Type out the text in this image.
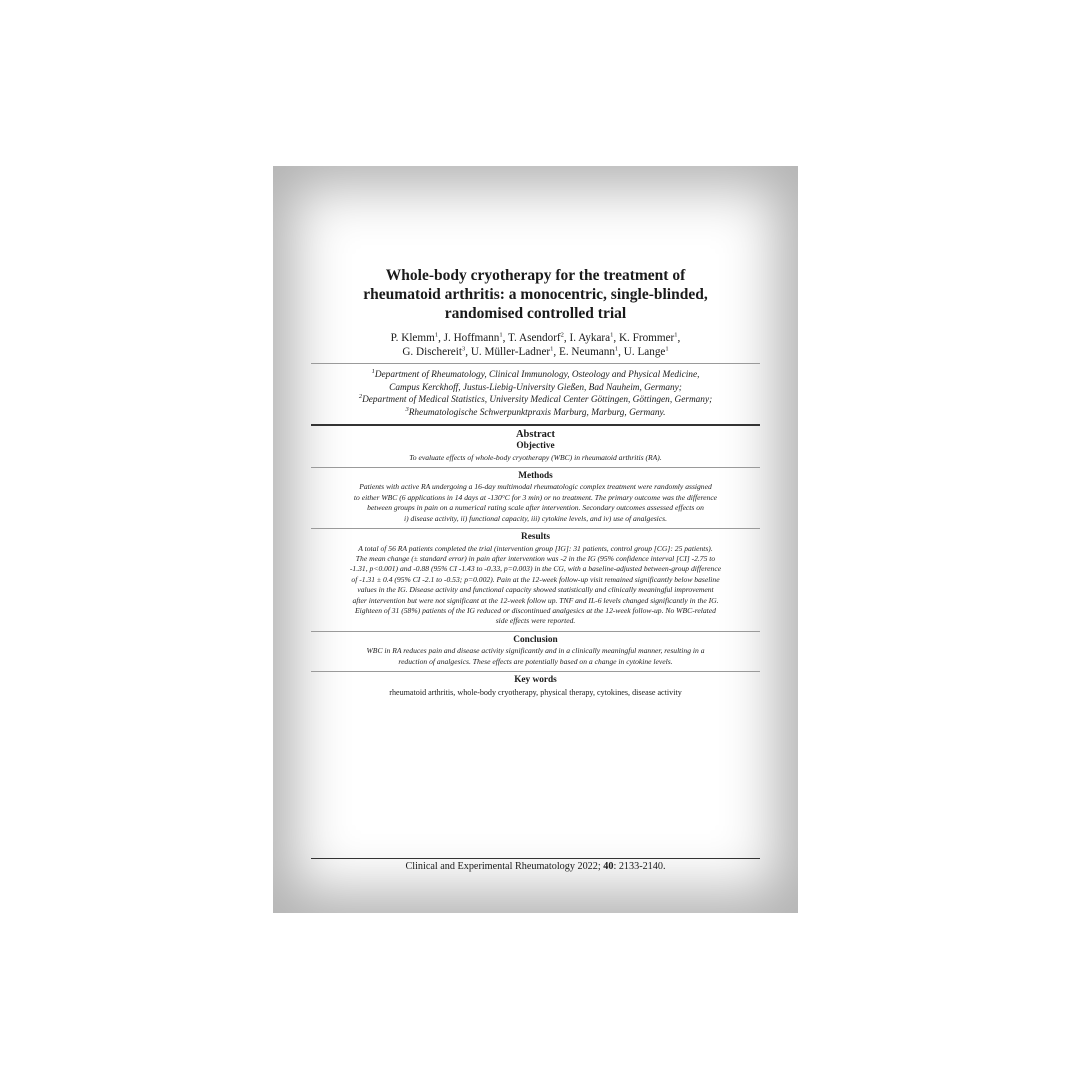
Whole-body cryotherapy for the treatment of
rheumatoid arthritis: a monocentric, single-blinded,
randomised controlled trial
P. Klemm$^1$, J. Hoffmann$^1$, T. Asendorf$^2$, I. Aykara$^1$, K. Frommer$^1$,
G. Dischereit$^3$, U. Müller-Ladner$^1$, E. Neumann$^1$, U. Lange$^1$
$^1$Department of Rheumatology, Clinical Immunology, Osteology and Physical Medicine,
Campus Kerckhoff, Justus-Liebig-University Gießen, Bad Nauheim, Germany;
$^2$Department of Medical Statistics, University Medical Center Göttingen, Göttingen, Germany;
$^3$Rheumatologische Schwerpunktpraxis Marburg, Marburg, Germany.
Abstract
Objective
To evaluate effects of whole-body cryotherapy (WBC) in rheumatoid arthritis (RA).
Methods
Patients with active RA undergoing a 16-day multimodal rheumatologic complex treatment were randomly assigned
to either WBC (6 applications in 14 days at -130°C for 3 min) or no treatment. The primary outcome was the difference
between groups in pain on a numerical rating scale after intervention. Secondary outcomes assessed effects on
i) disease activity, ii) functional capacity, iii) cytokine levels, and iv) use of analgesics.
Results
A total of 56 RA patients completed the trial (intervention group [IG]: 31 patients, control group [CG]: 25 patients).
The mean change (± standard error) in pain after intervention was -2 in the IG (95% confidence interval [CI] -2.75 to
-1.31, p<0.001) and -0.88 (95% CI -1.43 to -0.33, p=0.003) in the CG, with a baseline-adjusted between-group difference
of -1.31 ± 0.4 (95% CI -2.1 to -0.53; p=0.002). Pain at the 12-week follow-up visit remained significantly below baseline
values in the IG. Disease activity and functional capacity showed statistically and clinically meaningful improvement
after intervention but were not significant at the 12-week follow up. TNF and IL-6 levels changed significantly in the IG.
Eighteen of 31 (58%) patients of the IG reduced or discontinued analgesics at the 12-week follow-up. No WBC-related
side effects were reported.
Conclusion
WBC in RA reduces pain and disease activity significantly and in a clinically meaningful manner, resulting in a
reduction of analgesics. These effects are potentially based on a change in cytokine levels.
Key words
rheumatoid arthritis, whole-body cryotherapy, physical therapy, cytokines, disease activity
Clinical and Experimental Rheumatology 2022; 40: 2133-2140.
